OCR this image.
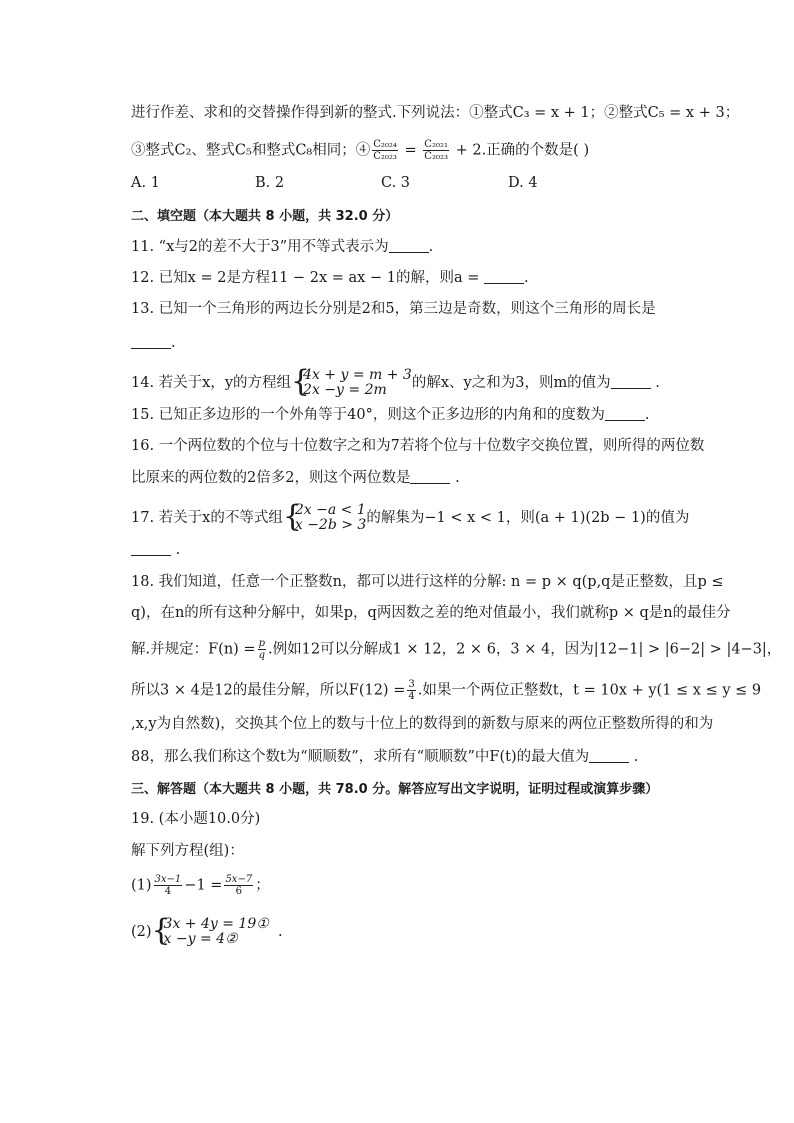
进行作差、求和的交替操作得到新的整式.下列说法：①整式C₃ = x + 1；②整式C₅ = x + 3；
③整式C₂、整式C₅和整式C₈相同；④ $\frac{\text{C₂₀₂₄}}{\text{C₂₀₂₃}} = \frac{\text{C₂₀₂₁}}{\text{C₂₀₂₃}} + 2$.正确的个数是( )
A. 1	B. 2	C. 3	D. 4
二、填空题（本大题共 8 小题，共 32.0 分）
11. “x与2的差不大于3”用不等式表示为	.
12. 已知x = 2是方程11 − 2x = ax − 1的解，则a =	.
13. 已知一个三角形的两边长分别是2和5，第三边是奇数，则这个三角形的周长是
.
14. 若关于x，y的方程组 {
4x + y = m + 3
2x −y = 2m	的解x、y之和为3，则m的值为	.
15. 已知正多边形的一个外角等于40°，则这个正多边形的内角和的度数为	.
16. 一个两位数的个位与十位数字之和为7若将个位与十位数字交换位置，则所得的两位数
比原来的两位数的2倍多2，则这个两位数是	.
17. 若关于x的不等式组 {
2x −a < 1
x −2b > 3 的解集为−1 < x < 1，则(a + 1)(2b − 1)的值为
.
18. 我们知道，任意一个正整数n，都可以进行这样的分解: n = p × q(p,q是正整数，且p ≤
q)，在n的所有这种分解中，如果p，q两因数之差的绝对值最小，我们就称p × q是n的最佳分
解.并规定：$F(n) = \frac{p}{q}$ .例如12可以分解成1 × 12，2 × 6，3 × 4，因为|12−1| > |6−2| > |4−3|，
所以3 × 4是12的最佳分解，所以$F(12) = \frac{3}{4}$ .如果一个两位正整数t，t = 10x + y(1 ≤ x ≤ y ≤ 9
,x,y为自然数)，交换其个位上的数与十位上的数得到的新数与原来的两位正整数所得的和为
88，那么我们称这个数t为“顺顺数”，求所有“顺顺数”中F(t)的最大值为	.
三、解答题（本大题共 8 小题，共 78.0 分。解答应写出文字说明，证明过程或演算步骤）
19. (本小题10.0分)
解下列方程(组)：
$(1) \frac{3x-1}{4} -1 = \frac{5x-7}{6}$ ；
(2) {
3x + 4y = 19①
x −y = 4②	.
